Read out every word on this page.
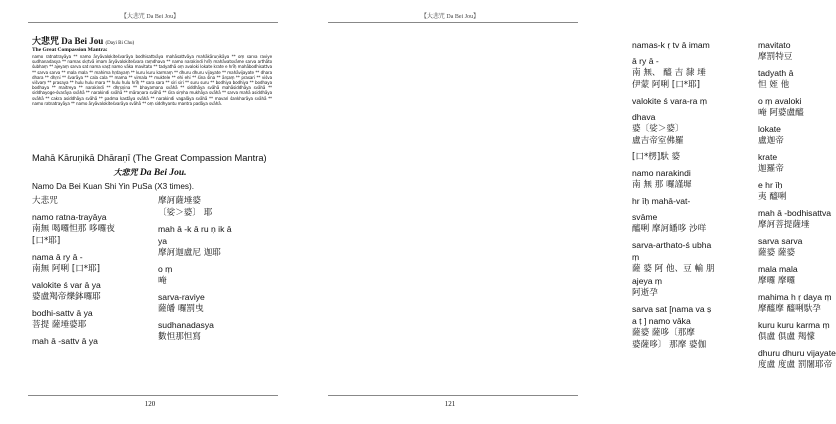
【大悲咒 Da Bei Jou】
大悲咒 Da Bei Jou (Dayi Bi Chu)
The Great Compassion Mantra:
namo ratnatrayāya ** namo āryāvalokiteśvarāya bodhisattvāya mahāsattvāya mahākāruṇikāya ** oṃ sarva raviye sudhanadasya ** namas skṛtvā imam āryāvalokiteśvara raṃdhava ** namo narakindi hrīḥ mahāvatsvāme sarva arthāto śubhaṃ ** ajeyaṃ sarva sat nama vaṣṭ namo vāka mavitato ** tadyathā oṃ avaloki lokate krate e hrīḥ mahābodhisattva ** sarva sarva ** mala mala ** mahima hṛdayaṃ ** kuru kuru karmaṃ ** dhuru dhuru vijayate ** mahāvijayate ** dhara dhara ** dhṛni ** śvarāya ** cala cala ** mama ** vimala ** muktele ** ehi ehi ** śina śina ** ārṣaṃ ** prasari ** viśva viśvaṃ ** prasaya ** hulu hulu mara ** hulu hulu hrīḥ ** sara sara ** siri siri ** suru suru ** bodhiya bodhiya ** bodhaya bodhaya ** maitreya ** narakindi ** dhṛṣṇina ** bhayamana svāhā ** siddhāya svāhā mahāsiddhāya svāhā ** siddhayoge-śvarāya svāhā ** narakindi svāhā ** māraṇara svāhā ** śira siṃha mukhāya svāhā ** sarva mahā asiddhāya svāhā ** cakra asiddhāya svāhā ** padma kastāya svāhā ** narakindi vagalāya svāhā ** mavari śankharāya svāhā ** namo ratnatrayāya ** namo āryāvalokiteśvarāya svāhā ** oṃ siddhyantu mantra padāya svāhā.
Mahā Kāruṇikā Dhāraṇī (The Great Compassion Mantra)
大悲咒 Da Bei Jou.
Namo Da Bei Kuan Shi Yin PuSa (X3 times).
大悲咒
namo ratna-trayāya
南無 喝囉怛那 哆囉夜
[口*耶]
nama ā ry ā -
南無 阿唎 [口*耶]
valokite ś var ā ya
婆盧羯帝爍鉢囉耶
bodhi-sattv ā ya
菩提 薩埵婆耶
mah ā -sattv ā ya
摩訶薩埵婆
〔娑＞婆〕 耶
mah ā -k ā ru ṇ ik ā
ya
摩訶迦盧尼 迦耶
o ṃ
唵
sarva-raviye
薩皤 囉罰曳
sudhanadasya
數怛那怛寫
120
【大悲咒 Da Bei Jou】
namas-k ṛ tv ā imam
ā ry ā -
南 無、 醯 吉 隸 埵
伊蒙 阿唎 [口*耶]
valokite ś vara-ra ṃ
dhava
婆〔娑＞婆〕
盧吉帝室佛羅
[口*楞]馱 婆
namo narakindi
南 無 那 囉謹墀
hr īḥ mahā-vat-
svāme
醯唎 摩訶皤哆 沙咩
sarva-arthato-ś ubha
ṃ
薩 婆 阿 他、豆 輸 朋
ajeya ṃ
阿逝孕
sarva sat [nama va ṣ
a ṭ ] namo vāka
薩婆 薩哆〔那摩
婆薩哆〕 那摩 婆伽
mavitato
摩罰特豆
tadyath ā
怛 姪 他
o ṃ avaloki
唵 阿婆盧醯
lokate
盧迦帝
krate
迦羅帝
e hr īḥ
夷 醯唎
mah ā -bodhisattva
摩訶菩提薩埵
sarva sarva
薩婆 薩婆
mala mala
摩囉 摩囉
mahima h ṛ daya ṃ
摩醯摩 醯唎馱孕
kuru kuru karma ṃ
俱盧 俱盧 羯懞
dhuru dhuru vijayate
度盧 度盧 罰闍耶帝
121
